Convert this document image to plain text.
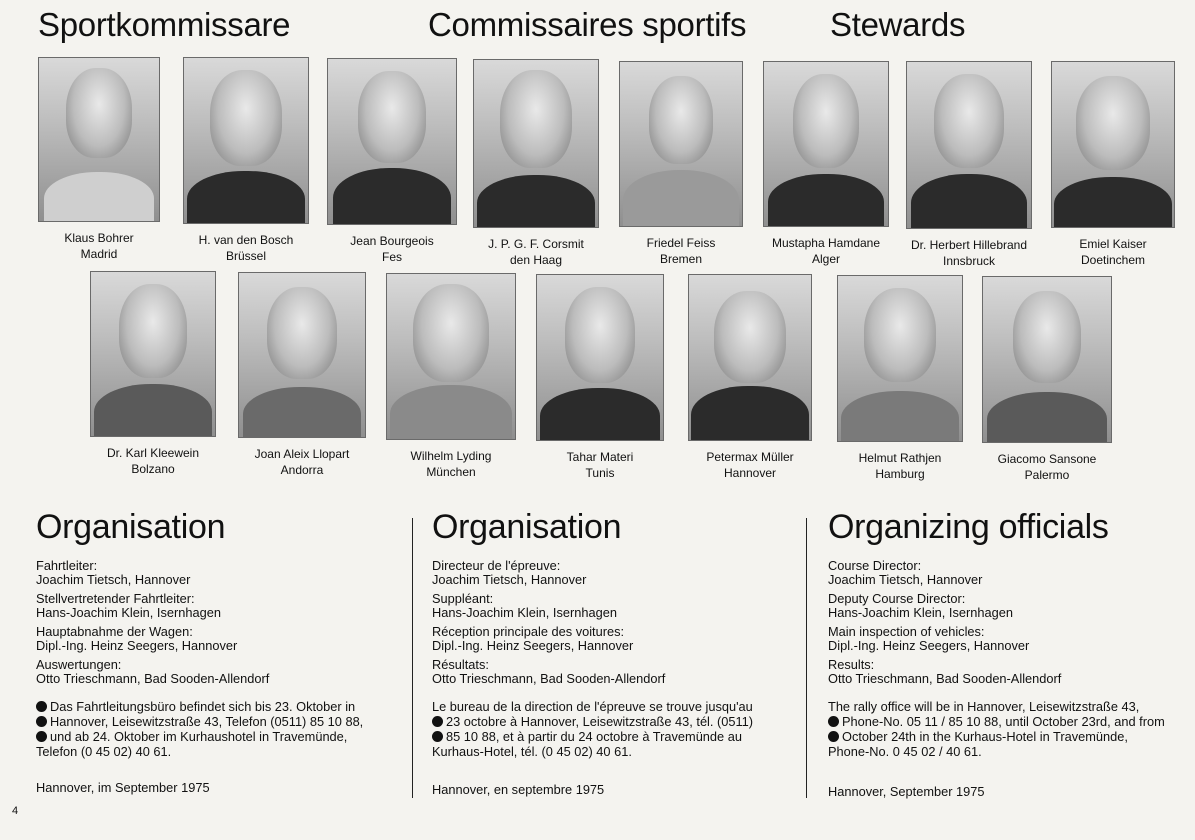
Sportkommissare	Commissaires sportifs	Stewards
Klaus Bohrer
Madrid
H. van den Bosch
Brüssel
Jean Bourgeois
Fes
J. P. G. F. Corsmit
den Haag
Friedel Feiss
Bremen
Mustapha Hamdane
Alger
Dr. Herbert Hillebrand
Innsbruck
Emiel Kaiser
Doetinchem
Dr. Karl Kleewein
Bolzano
Joan Aleix Llopart
Andorra
Wilhelm Lyding
München
Tahar Materi
Tunis
Petermax Müller
Hannover
Helmut Rathjen
Hamburg
Giacomo Sansone
Palermo
Organisation
Fahrtleiter:
Joachim Tietsch, Hannover
Stellvertretender Fahrtleiter:
Hans-Joachim Klein, Isernhagen
Hauptabnahme der Wagen:
Dipl.-Ing. Heinz Seegers, Hannover
Auswertungen:
Otto Trieschmann, Bad Sooden-Allendorf
Das Fahrtleitungsbüro befindet sich bis 23. Oktober in
Hannover, Leisewitzstraße 43, Telefon (0511) 85 10 88,
und ab 24. Oktober im Kurhaushotel in Travemünde,
Telefon (0 45 02) 40 61.
Hannover, im September 1975
Organisation
Directeur de l'épreuve:
Joachim Tietsch, Hannover
Suppléant:
Hans-Joachim Klein, Isernhagen
Réception principale des voitures:
Dipl.-Ing. Heinz Seegers, Hannover
Résultats:
Otto Trieschmann, Bad Sooden-Allendorf
Le bureau de la direction de l'épreuve se trouve jusqu'au
23 octobre à Hannover, Leisewitzstraße 43, tél. (0511)
85 10 88, et à partir du 24 octobre à Travemünde au
Kurhaus-Hotel, tél. (0 45 02) 40 61.
Hannover, en septembre 1975
Organizing officials
Course Director:
Joachim Tietsch, Hannover
Deputy Course Director:
Hans-Joachim Klein, Isernhagen
Main inspection of vehicles:
Dipl.-Ing. Heinz Seegers, Hannover
Results:
Otto Trieschmann, Bad Sooden-Allendorf
The rally office will be in Hannover, Leisewitzstraße 43,
Phone-No. 05 11 / 85 10 88, until October 23rd, and from
October 24th in the Kurhaus-Hotel in Travemünde,
Phone-No. 0 45 02 / 40 61.
Hannover, September 1975
4
